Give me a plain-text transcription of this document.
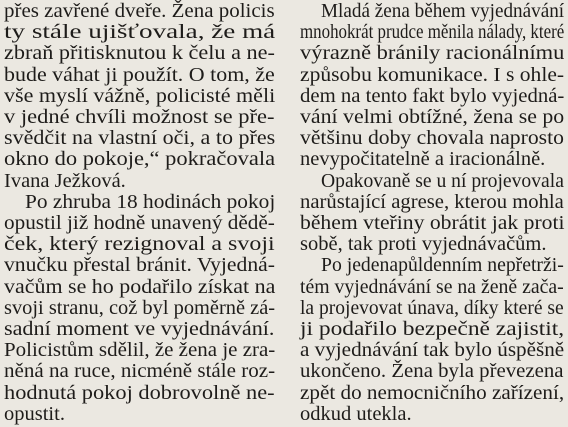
přes zavřené dveře. Žena policis
ty stále ujišťovala, že má
zbraň přitisknutou k čelu a ne-
bude váhat ji použít. O tom, že
vše myslí vážně, policisté měli
v jedné chvíli možnost se pře-
svědčit na vlastní oči, a to přes
okno do pokoje,“ pokračovala
Ivana Ježková.
Po zhruba 18 hodinách pokoj
opustil již hodně unavený dědě-
ček, který rezignoval a svoji
vnučku přestal bránit. Vyjedná-
vačům se ho podařilo získat na
svoji stranu, což byl poměrně zá-
sadní moment ve vyjednávání.
Policistům sdělil, že žena je zra-
něná na ruce, nicméně stále roz-
hodnutá pokoj dobrovolně ne-
opustit.
Mladá žena během vyjednávání
mnohokrát prudce měnila nálady, které
výrazně bránily racionálnímu
způsobu komunikace. I s ohle-
dem na tento fakt bylo vyjedná-
vání velmi obtížné, žena se po
většinu doby chovala naprosto
nevypočitatelně a iracionálně.
Opakovaně se u ní projevovala
narůstající agrese, kterou mohla
během vteřiny obrátit jak proti
sobě, tak proti vyjednávačům.
Po jedenapůldenním nepřetrži-
tém vyjednávání se na ženě zača-
la projevovat únava, díky které se
ji podařilo bezpečně zajistit,
a vyjednávání tak bylo úspěšně
ukončeno. Žena byla převezena
zpět do nemocničního zařízení,
odkud utekla.
